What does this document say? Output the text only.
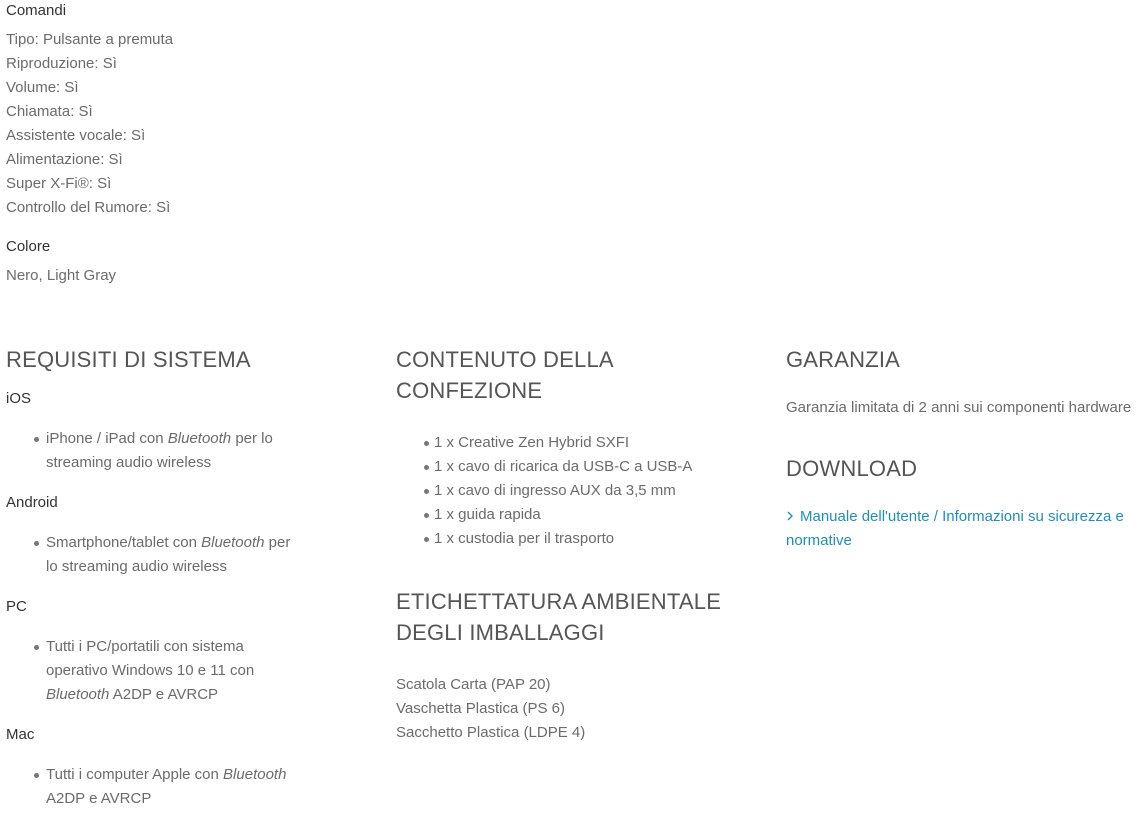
Comandi
Tipo: Pulsante a premuta
Riproduzione: Sì
Volume: Sì
Chiamata: Sì
Assistente vocale: Sì
Alimentazione: Sì
Super X-Fi®: Sì
Controllo del Rumore: Sì
Colore
Nero, Light Gray
REQUISITI DI SISTEMA
iOS
iPhone / iPad con Bluetooth per lo
streaming audio wireless
Android
Smartphone/tablet con Bluetooth per
lo streaming audio wireless
PC
Tutti i PC/portatili con sistema
operativo Windows 10 e 11 con
Bluetooth A2DP e AVRCP
Mac
Tutti i computer Apple con Bluetooth
A2DP e AVRCP
CONTENUTO DELLA
CONFEZIONE
1 x Creative Zen Hybrid SXFI
1 x cavo di ricarica da USB-C a USB-A
1 x cavo di ingresso AUX da 3,5 mm
1 x guida rapida
1 x custodia per il trasporto
ETICHETTATURA AMBIENTALE
DEGLI IMBALLAGGI
Scatola Carta (PAP 20)
Vaschetta Plastica (PS 6)
Sacchetto Plastica (LDPE 4)
GARANZIA
Garanzia limitata di 2 anni sui componenti hardware
DOWNLOAD
Manuale dell'utente / Informazioni su sicurezza e
normative
